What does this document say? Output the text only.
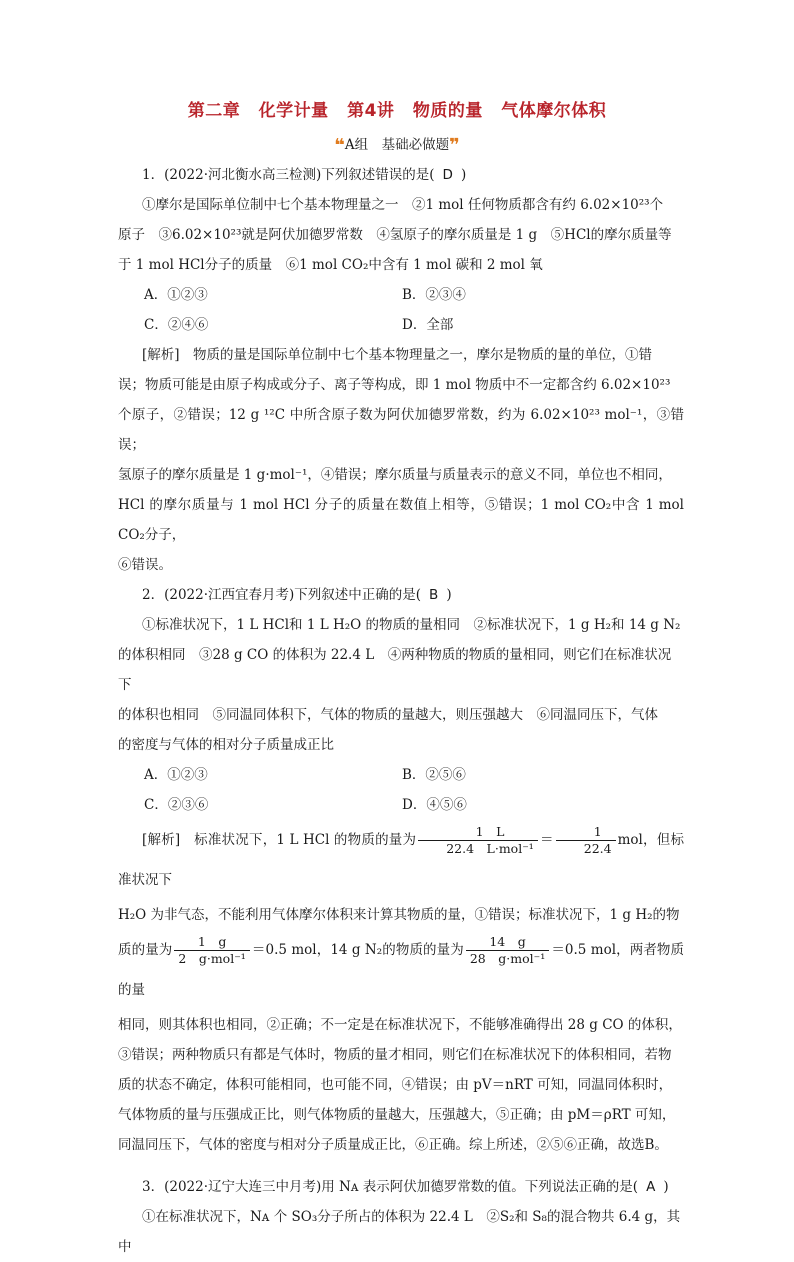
第二章 化学计量 第4讲 物质的量 气体摩尔体积
❝A组　基础必做题❞
1．(2022·河北衡水高三检测)下列叙述错误的是( D )
①摩尔是国际单位制中七个基本物理量之一　②1 mol 任何物质都含有约 6.02×10²³个
原子　③6.02×10²³就是阿伏加德罗常数　④氢原子的摩尔质量是 1 g　⑤HCl的摩尔质量等
于 1 mol HCl分子的质量　⑥1 mol CO₂中含有 1 mol 碳和 2 mol 氧
A．①②③	B．②③④
C．②④⑥	D．全部
[解析]　物质的量是国际单位制中七个基本物理量之一，摩尔是物质的量的单位，①错
误；物质可能是由原子构成或分子、离子等构成，即 1 mol 物质中不一定都含约 6.02×10²³
个原子，②错误；12 g ¹²C 中所含原子数为阿伏加德罗常数，约为 6.02×10²³ mol⁻¹，③错误；
氢原子的摩尔质量是 1 g·mol⁻¹，④错误；摩尔质量与质量表示的意义不同，单位也不相同，
HCl 的摩尔质量与 1 mol HCl 分子的质量在数值上相等，⑤错误；1 mol CO₂中含 1 mol CO₂分子，
⑥错误。
2．(2022·江西宜春月考)下列叙述中正确的是( B )
①标准状况下，1 L HCl和 1 L H₂O 的物质的量相同　②标准状况下，1 g H₂和 14 g N₂
的体积相同　③28 g CO 的体积为 22.4 L　④两种物质的物质的量相同，则它们在标准状况下
的体积也相同　⑤同温同体积下，气体的物质的量越大，则压强越大　⑥同温同压下，气体
的密度与气体的相对分子质量成正比
A．①②③	B．②⑤⑥
C．②③⑥	D．④⑤⑥
[解析]　标准状况下，1 L HCl 的物质的量为 $\frac{1 L}{\text{22.4　L·mol⁻¹}} = \frac{1}{22.4}$ mol，但标准状况下
H₂O 为非气态，不能利用气体摩尔体积来计算其物质的量，①错误；标准状况下，1 g H₂的物
质的量为 $\frac{1 g}{\text{2　g·mol⁻¹}} =0.5$ mol，14 g N₂的物质的量为 $\frac{14 g}{\text{28　g·mol⁻¹}} =0.5$ mol，两者物质的量
相同，则其体积也相同，②正确；不一定是在标准状况下，不能够准确得出 28 g CO 的体积，
③错误；两种物质只有都是气体时，物质的量才相同，则它们在标准状况下的体积相同，若物
质的状态不确定，体积可能相同，也可能不同，④错误；由 pV＝nRT 可知，同温同体积时，
气体物质的量与压强成正比，则气体物质的量越大，压强越大，⑤正确；由 pM＝ρRT 可知，
同温同压下，气体的密度与相对分子质量成正比，⑥正确。综上所述，②⑤⑥正确，故选B。
3．(2022·辽宁大连三中月考)用 Nᴀ 表示阿伏加德罗常数的值。下列说法正确的是( A )
①在标准状况下，Nᴀ 个 SO₃分子所占的体积为 22.4 L　②S₂和 S₈的混合物共 6.4 g，其中
